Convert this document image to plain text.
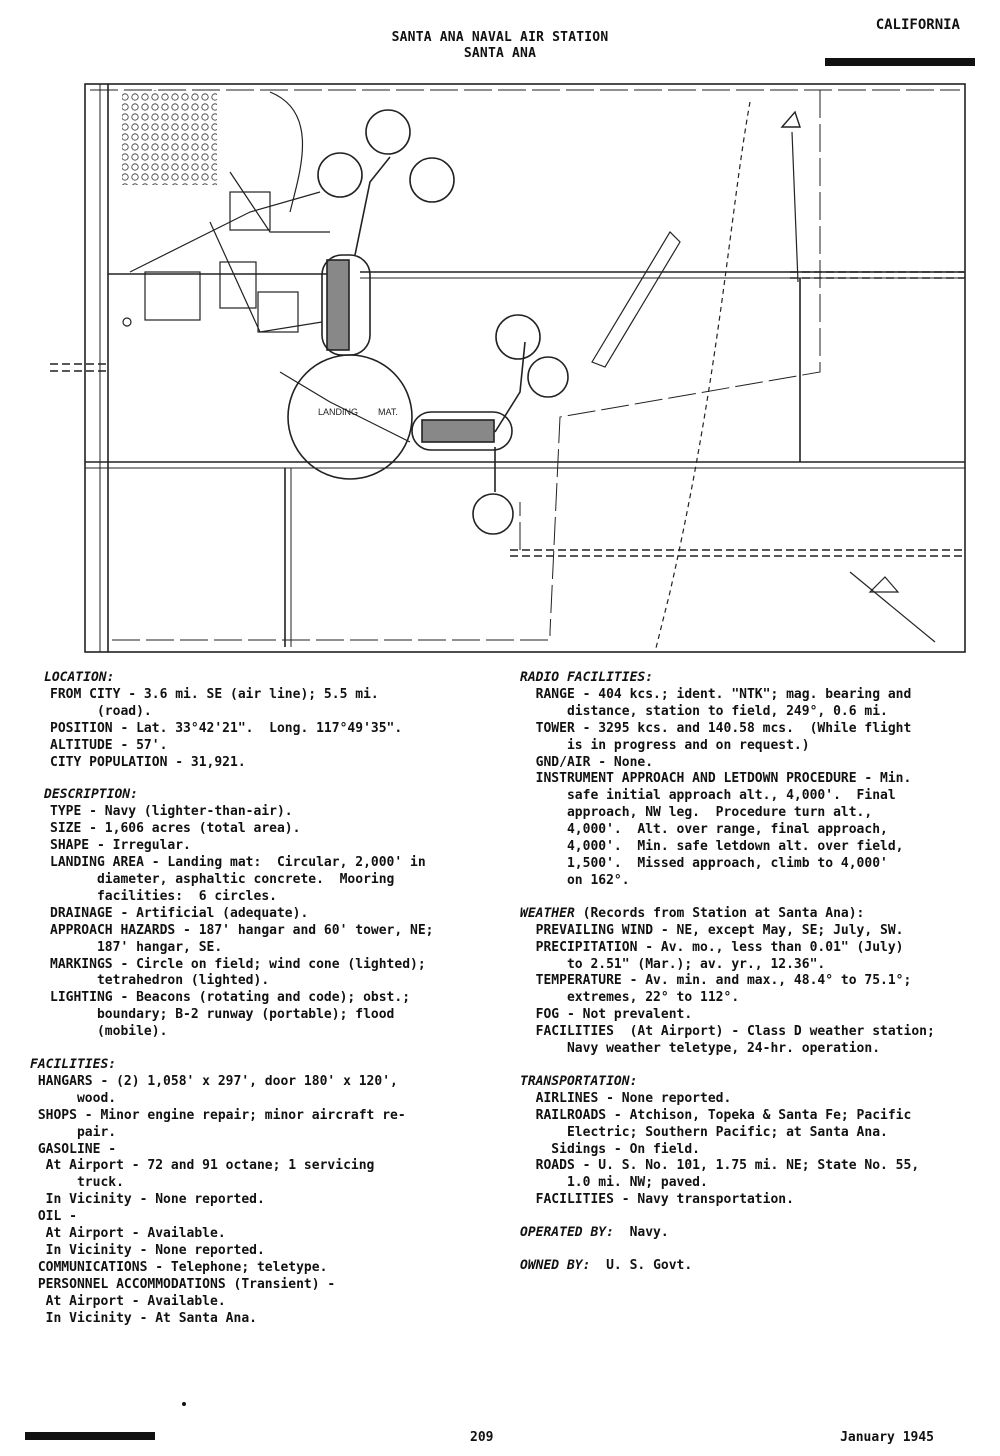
SANTA ANA NAVAL AIR STATION
SANTA ANA
CALIFORNIA
LANDING MAT.
LOCATION:
FROM CITY - 3.6 mi. SE (air line); 5.5 mi.
(road).
POSITION - Lat. 33°42'21".  Long. 117°49'35".
ALTITUDE - 57'.
CITY POPULATION - 31,921.
DESCRIPTION:
TYPE - Navy (lighter-than-air).
SIZE - 1,606 acres (total area).
SHAPE - Irregular.
LANDING AREA - Landing mat:  Circular, 2,000' in
diameter, asphaltic concrete.  Mooring
facilities:  6 circles.
DRAINAGE - Artificial (adequate).
APPROACH HAZARDS - 187' hangar and 60' tower, NE;
187' hangar, SE.
MARKINGS - Circle on field; wind cone (lighted);
tetrahedron (lighted).
LIGHTING - Beacons (rotating and code); obst.;
boundary; B-2 runway (portable); flood
(mobile).
FACILITIES:
HANGARS - (2) 1,058' x 297', door 180' x 120',
wood.
SHOPS - Minor engine repair; minor aircraft re-
pair.
GASOLINE -
At Airport - 72 and 91 octane; 1 servicing
truck.
In Vicinity - None reported.
OIL -
At Airport - Available.
In Vicinity - None reported.
COMMUNICATIONS - Telephone; teletype.
PERSONNEL ACCOMMODATIONS (Transient) -
At Airport - Available.
In Vicinity - At Santa Ana.
RADIO FACILITIES:
RANGE - 404 kcs.; ident. "NTK"; mag. bearing and
distance, station to field, 249°, 0.6 mi.
TOWER - 3295 kcs. and 140.58 mcs.  (While flight
is in progress and on request.)
GND/AIR - None.
INSTRUMENT APPROACH AND LETDOWN PROCEDURE - Min.
safe initial approach alt., 4,000'.  Final
approach, NW leg.  Procedure turn alt.,
4,000'.  Alt. over range, final approach,
4,000'.  Min. safe letdown alt. over field,
1,500'.  Missed approach, climb to 4,000'
on 162°.
WEATHER (Records from Station at Santa Ana):
PREVAILING WIND - NE, except May, SE; July, SW.
PRECIPITATION - Av. mo., less than 0.01" (July)
to 2.51" (Mar.); av. yr., 12.36".
TEMPERATURE - Av. min. and max., 48.4° to 75.1°;
extremes, 22° to 112°.
FOG - Not prevalent.
FACILITIES  (At Airport) - Class D weather station;
Navy weather teletype, 24-hr. operation.
TRANSPORTATION:
AIRLINES - None reported.
RAILROADS - Atchison, Topeka & Santa Fe; Pacific
Electric; Southern Pacific; at Santa Ana.
Sidings - On field.
ROADS - U. S. No. 101, 1.75 mi. NE; State No. 55,
1.0 mi. NW; paved.
FACILITIES - Navy transportation.
OPERATED BY:  Navy.
OWNED BY:  U. S. Govt.
209	January 1945
